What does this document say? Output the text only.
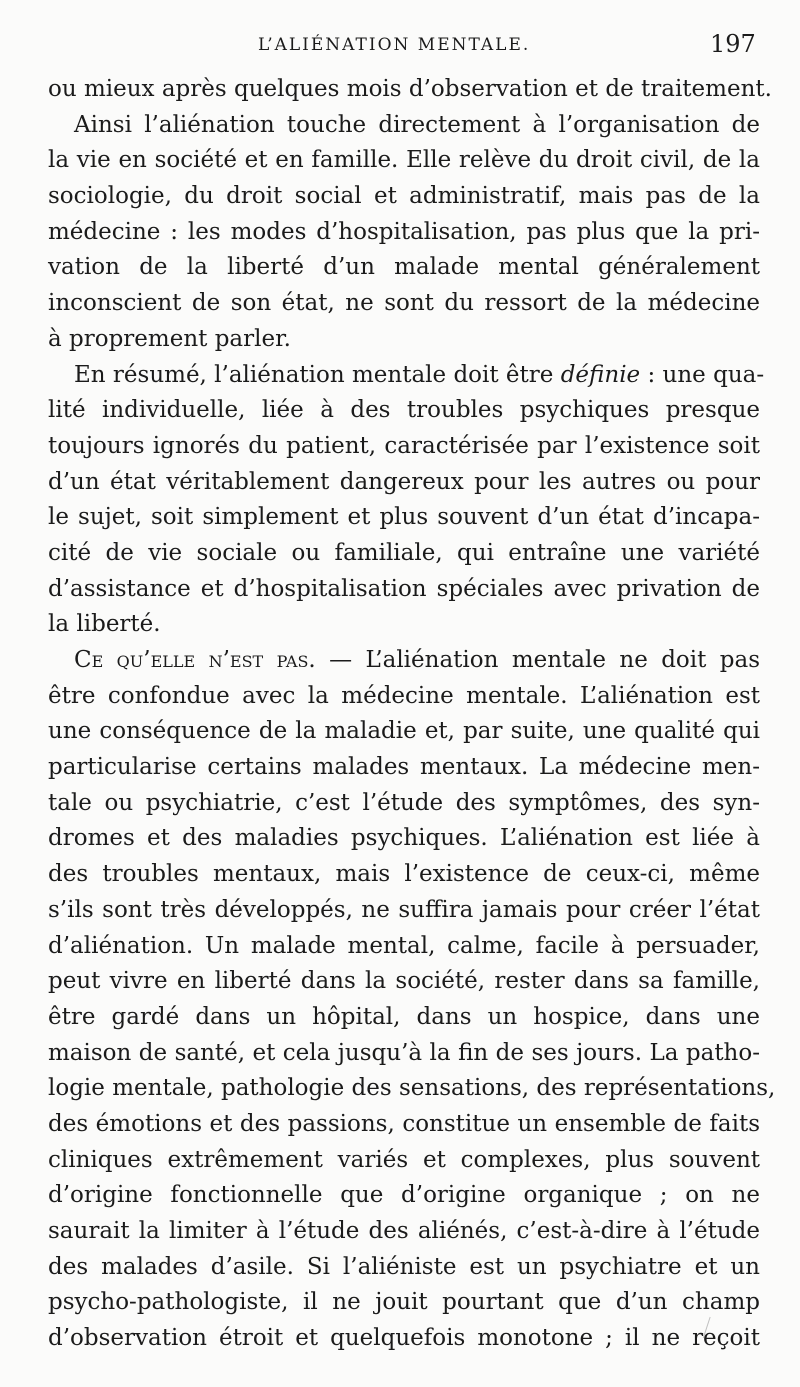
L’ALIÉNATION MENTALE.	197
ou mieux après quelques mois d’observation et de traitement.
Ainsi l’aliénation touche directement à l’organisation de
la vie en société et en famille. Elle relève du droit civil, de la
sociologie, du droit social et administratif, mais pas de la
médecine : les modes d’hospitalisation, pas plus que la pri-
vation de la liberté d’un malade mental généralement
inconscient de son état, ne sont du ressort de la médecine
à proprement parler.
En résumé, l’aliénation mentale doit être définie : une qua-
lité individuelle, liée à des troubles psychiques presque
toujours ignorés du patient, caractérisée par l’existence soit
d’un état véritablement dangereux pour les autres ou pour
le sujet, soit simplement et plus souvent d’un état d’incapa-
cité de vie sociale ou familiale, qui entraîne une variété
d’assistance et d’hospitalisation spéciales avec privation de
la liberté.
Ce qu’elle n’est pas. — L’aliénation mentale ne doit pas
être confondue avec la médecine mentale. L’aliénation est
une conséquence de la maladie et, par suite, une qualité qui
particularise certains malades mentaux. La médecine men-
tale ou psychiatrie, c’est l’étude des symptômes, des syn-
dromes et des maladies psychiques. L’aliénation est liée à
des troubles mentaux, mais l’existence de ceux-ci, même
s’ils sont très développés, ne suffira jamais pour créer l’état
d’aliénation. Un malade mental, calme, facile à persuader,
peut vivre en liberté dans la société, rester dans sa famille,
être gardé dans un hôpital, dans un hospice, dans une
maison de santé, et cela jusqu’à la fin de ses jours. La patho-
logie mentale, pathologie des sensations, des représentations,
des émotions et des passions, constitue un ensemble de faits
cliniques extrêmement variés et complexes, plus souvent
d’origine fonctionnelle que d’origine organique ; on ne
saurait la limiter à l’étude des aliénés, c’est-à-dire à l’étude
des malades d’asile. Si l’aliéniste est un psychiatre et un
psycho-pathologiste, il ne jouit pourtant que d’un champ
d’observation étroit et quelquefois monotone ; il ne reçoit
